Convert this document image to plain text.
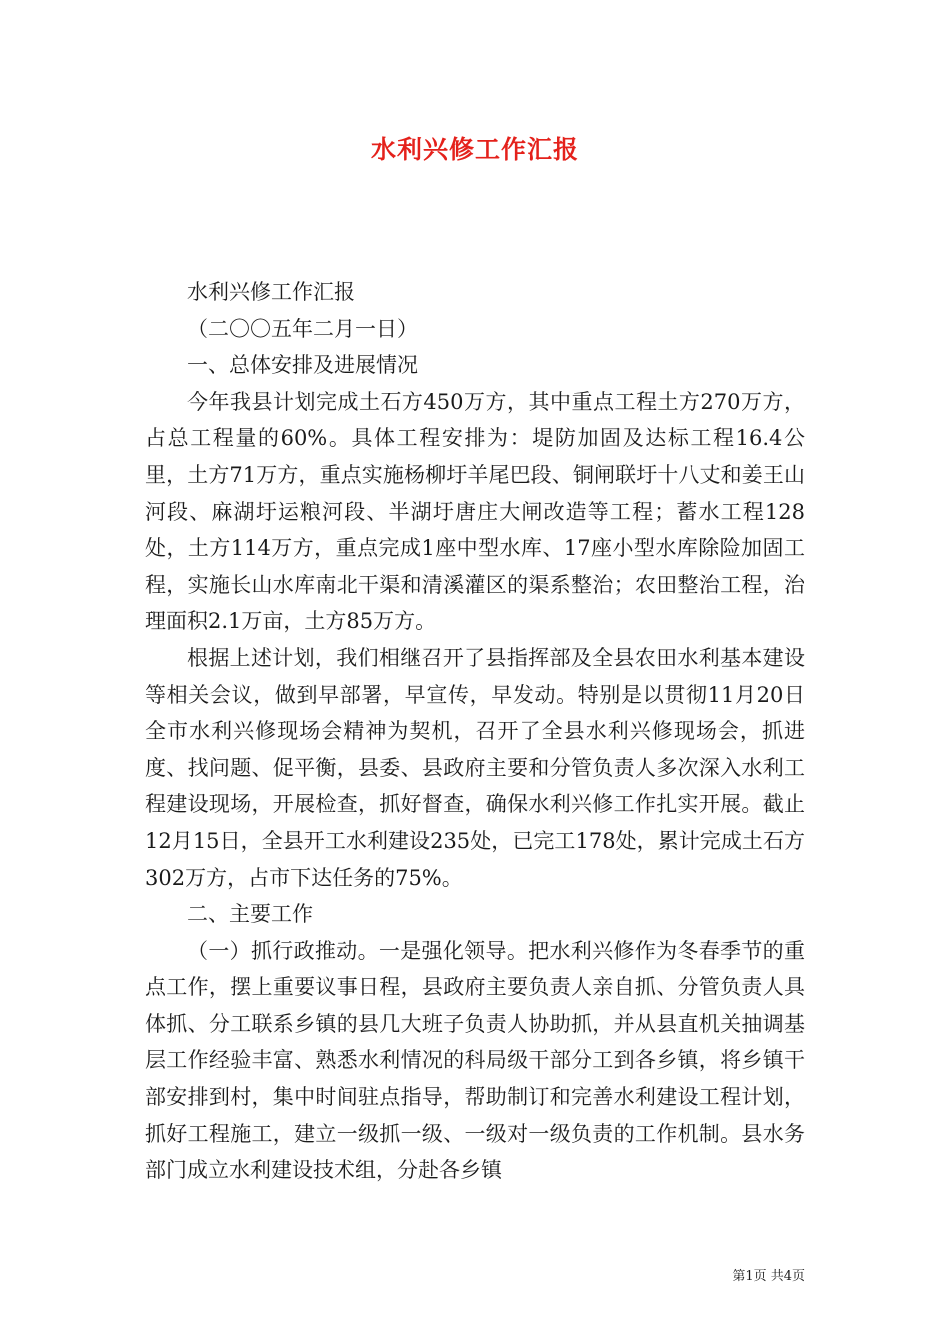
水利兴修工作汇报

水利兴修工作汇报

（二〇〇五年二月一日）

一、总体安排及进展情况

今年我县计划完成土石方450万方，其中重点工程土方270万方，占总工程量的60%。具体工程安排为：堤防加固及达标工程16.4公里，土方71万方，重点实施杨柳圩羊尾巴段、铜闸联圩十八丈和姜王山河段、麻湖圩运粮河段、半湖圩唐庄大闸改造等工程；蓄水工程128处，土方114万方，重点完成1座中型水库、17座小型水库除险加固工程，实施长山水库南北干渠和清溪灌区的渠系整治；农田整治工程，治理面积2.1万亩，土方85万方。

根据上述计划，我们相继召开了县指挥部及全县农田水利基本建设等相关会议，做到早部署，早宣传，早发动。特别是以贯彻11月20日全市水利兴修现场会精神为契机，召开了全县水利兴修现场会，抓进度、找问题、促平衡，县委、县政府主要和分管负责人多次深入水利工程建设现场，开展检查，抓好督查，确保水利兴修工作扎实开展。截止12月15日，全县开工水利建设235处，已完工178处，累计完成土石方302万方，占市下达任务的75%。

二、主要工作

（一）抓行政推动。一是强化领导。把水利兴修作为冬春季节的重点工作，摆上重要议事日程，县政府主要负责人亲自抓、分管负责人具体抓、分工联系乡镇的县几大班子负责人协助抓，并从县直机关抽调基层工作经验丰富、熟悉水利情况的科局级干部分工到各乡镇，将乡镇干部安排到村，集中时间驻点指导，帮助制订和完善水利建设工程计划，抓好工程施工，建立一级抓一级、一级对一级负责的工作机制。县水务部门成立水利建设技术组，分赴各乡镇

第1页 共4页
